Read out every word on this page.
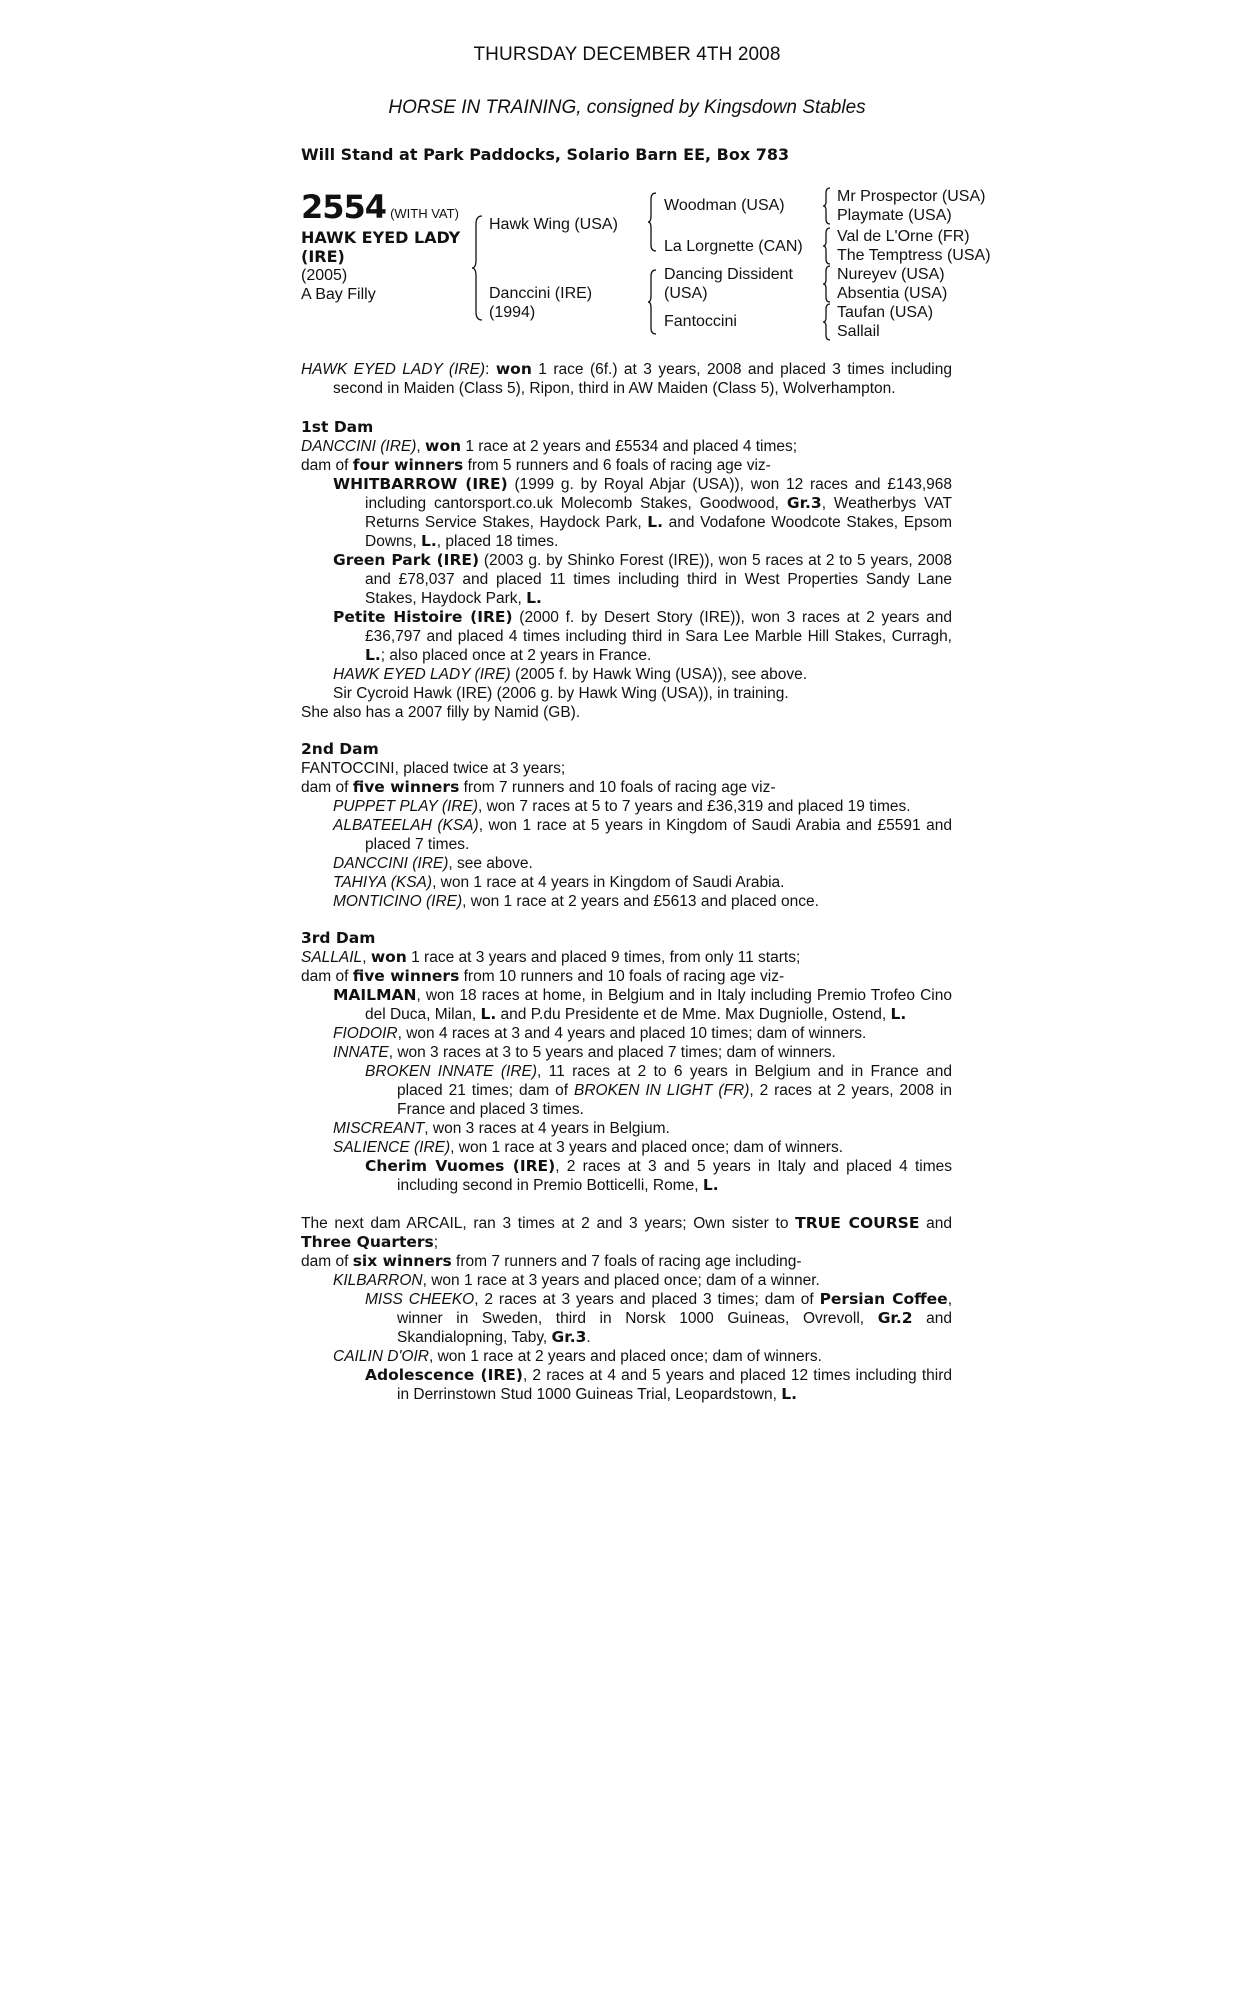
THURSDAY DECEMBER 4TH 2008
HORSE IN TRAINING, consigned by Kingsdown Stables
Will Stand at Park Paddocks, Solario Barn EE, Box 783
2554 (WITH VAT)
HAWK EYED LADY
(IRE)
(2005)
A Bay Filly
Hawk Wing (USA)
Danccini (IRE)
(1994)
Woodman (USA)
La Lorgnette (CAN)
Dancing Dissident
(USA)
Fantoccini
Mr Prospector (USA)
Playmate (USA)
Val de L'Orne (FR)
The Temptress (USA)
Nureyev (USA)
Absentia (USA)
Taufan (USA)
Sallail

HAWK EYED LADY (IRE): won 1 race (6f.) at 3 years, 2008 and placed 3 times including second in Maiden (Class 5), Ripon, third in AW Maiden (Class 5), Wolverhampton.

1st Dam

DANCCINI (IRE), won 1 race at 2 years and £5534 and placed 4 times;

dam of four winners from 5 runners and 6 foals of racing age viz-

WHITBARROW (IRE) (1999 g. by Royal Abjar (USA)), won 12 races and £143,968 including cantorsport.co.uk Molecomb Stakes, Goodwood, Gr.3, Weatherbys VAT Returns Service Stakes, Haydock Park, L. and Vodafone Woodcote Stakes, Epsom Downs, L., placed 18 times.

Green Park (IRE) (2003 g. by Shinko Forest (IRE)), won 5 races at 2 to 5 years, 2008 and £78,037 and placed 11 times including third in West Properties Sandy Lane Stakes, Haydock Park, L.

Petite Histoire (IRE) (2000 f. by Desert Story (IRE)), won 3 races at 2 years and £36,797 and placed 4 times including third in Sara Lee Marble Hill Stakes, Curragh, L.; also placed once at 2 years in France.

HAWK EYED LADY (IRE) (2005 f. by Hawk Wing (USA)), see above.

Sir Cycroid Hawk (IRE) (2006 g. by Hawk Wing (USA)), in training.

She also has a 2007 filly by Namid (GB).

2nd Dam

FANTOCCINI, placed twice at 3 years;

dam of five winners from 7 runners and 10 foals of racing age viz-

PUPPET PLAY (IRE), won 7 races at 5 to 7 years and £36,319 and placed 19 times.

ALBATEELAH (KSA), won 1 race at 5 years in Kingdom of Saudi Arabia and £5591 and placed 7 times.

DANCCINI (IRE), see above.

TAHIYA (KSA), won 1 race at 4 years in Kingdom of Saudi Arabia.

MONTICINO (IRE), won 1 race at 2 years and £5613 and placed once.

3rd Dam

SALLAIL, won 1 race at 3 years and placed 9 times, from only 11 starts;

dam of five winners from 10 runners and 10 foals of racing age viz-

MAILMAN, won 18 races at home, in Belgium and in Italy including Premio Trofeo Cino del Duca, Milan, L. and P.du Presidente et de Mme. Max Dugniolle, Ostend, L.

FIODOIR, won 4 races at 3 and 4 years and placed 10 times; dam of winners.

INNATE, won 3 races at 3 to 5 years and placed 7 times; dam of winners.

BROKEN INNATE (IRE), 11 races at 2 to 6 years in Belgium and in France and placed 21 times; dam of BROKEN IN LIGHT (FR), 2 races at 2 years, 2008 in France and placed 3 times.

MISCREANT, won 3 races at 4 years in Belgium.

SALIENCE (IRE), won 1 race at 3 years and placed once; dam of winners.

Cherim Vuomes (IRE), 2 races at 3 and 5 years in Italy and placed 4 times including second in Premio Botticelli, Rome, L.

The next dam ARCAIL, ran 3 times at 2 and 3 years; Own sister to TRUE COURSE and Three Quarters;

dam of six winners from 7 runners and 7 foals of racing age including-

KILBARRON, won 1 race at 3 years and placed once; dam of a winner.

MISS CHEEKO, 2 races at 3 years and placed 3 times; dam of Persian Coffee, winner in Sweden, third in Norsk 1000 Guineas, Ovrevoll, Gr.2 and Skandialopning, Taby, Gr.3.

CAILIN D'OIR, won 1 race at 2 years and placed once; dam of winners.

Adolescence (IRE), 2 races at 4 and 5 years and placed 12 times including third in Derrinstown Stud 1000 Guineas Trial, Leopardstown, L.
